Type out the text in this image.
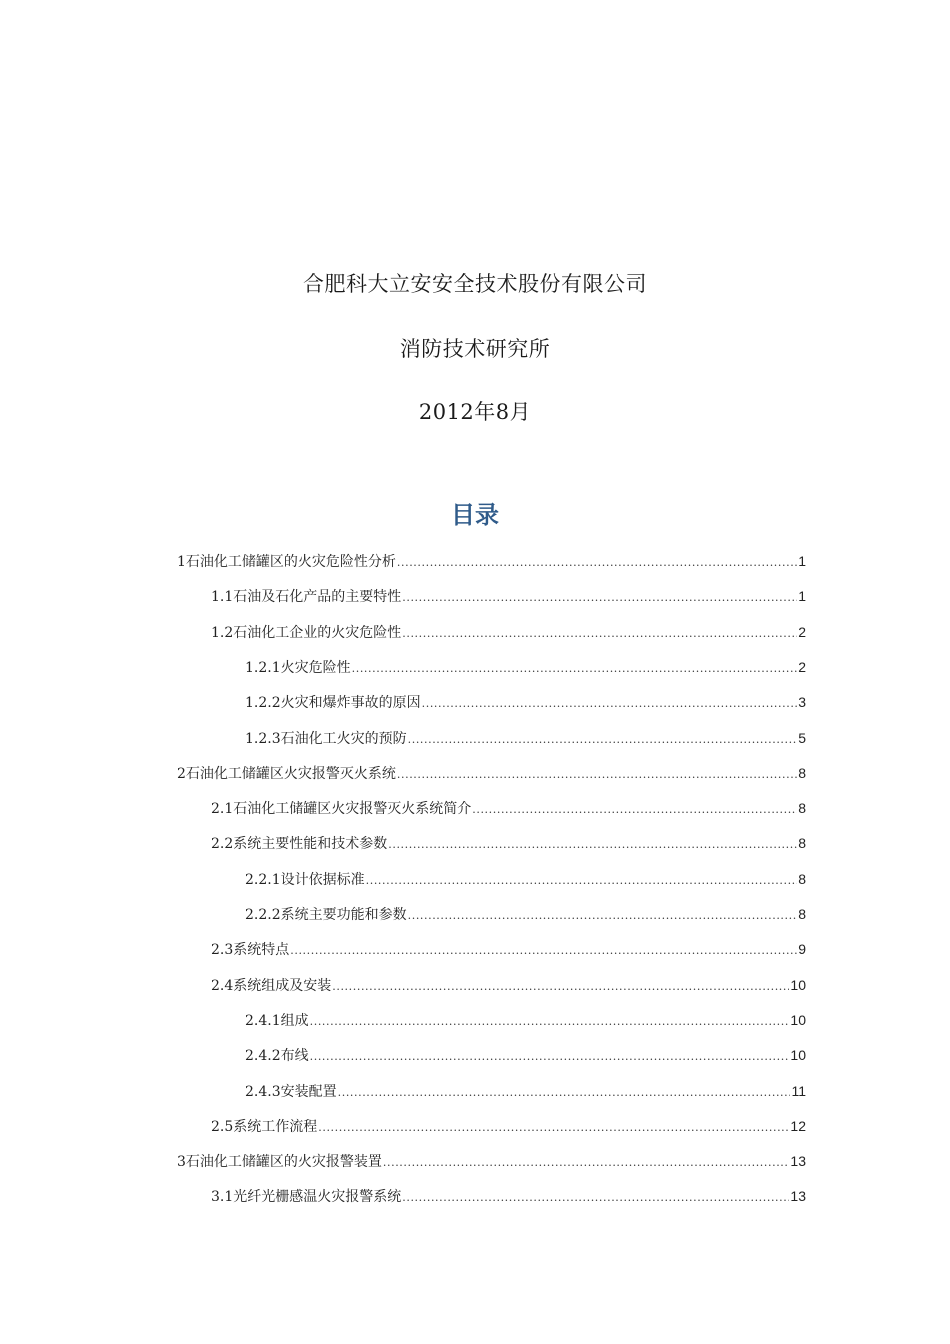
合肥科大立安安全技术股份有限公司
消防技术研究所
2012年8月
目录
1石油化工储罐区的火灾危险性分析 .....	1
1.1石油及石化产品的主要特性 .....	1
1.2石油化工企业的火灾危险性 .....	2
1.2.1火灾危险性 .....	2
1.2.2火灾和爆炸事故的原因 .....	3
1.2.3石油化工火灾的预防 .....	5
2石油化工储罐区火灾报警灭火系统 .....	8
2.1石油化工储罐区火灾报警灭火系统简介 .....	8
2.2系统主要性能和技术参数 .....	8
2.2.1设计依据标准 .....	8
2.2.2系统主要功能和参数 .....	8
2.3系统特点 .....	9
2.4系统组成及安装 .....	10
2.4.1组成 .....	10
2.4.2布线 .....	10
2.4.3安装配置 .....	11
2.5系统工作流程 .....	12
3石油化工储罐区的火灾报警装置 .....	13
3.1光纤光栅感温火灾报警系统 .....	13
